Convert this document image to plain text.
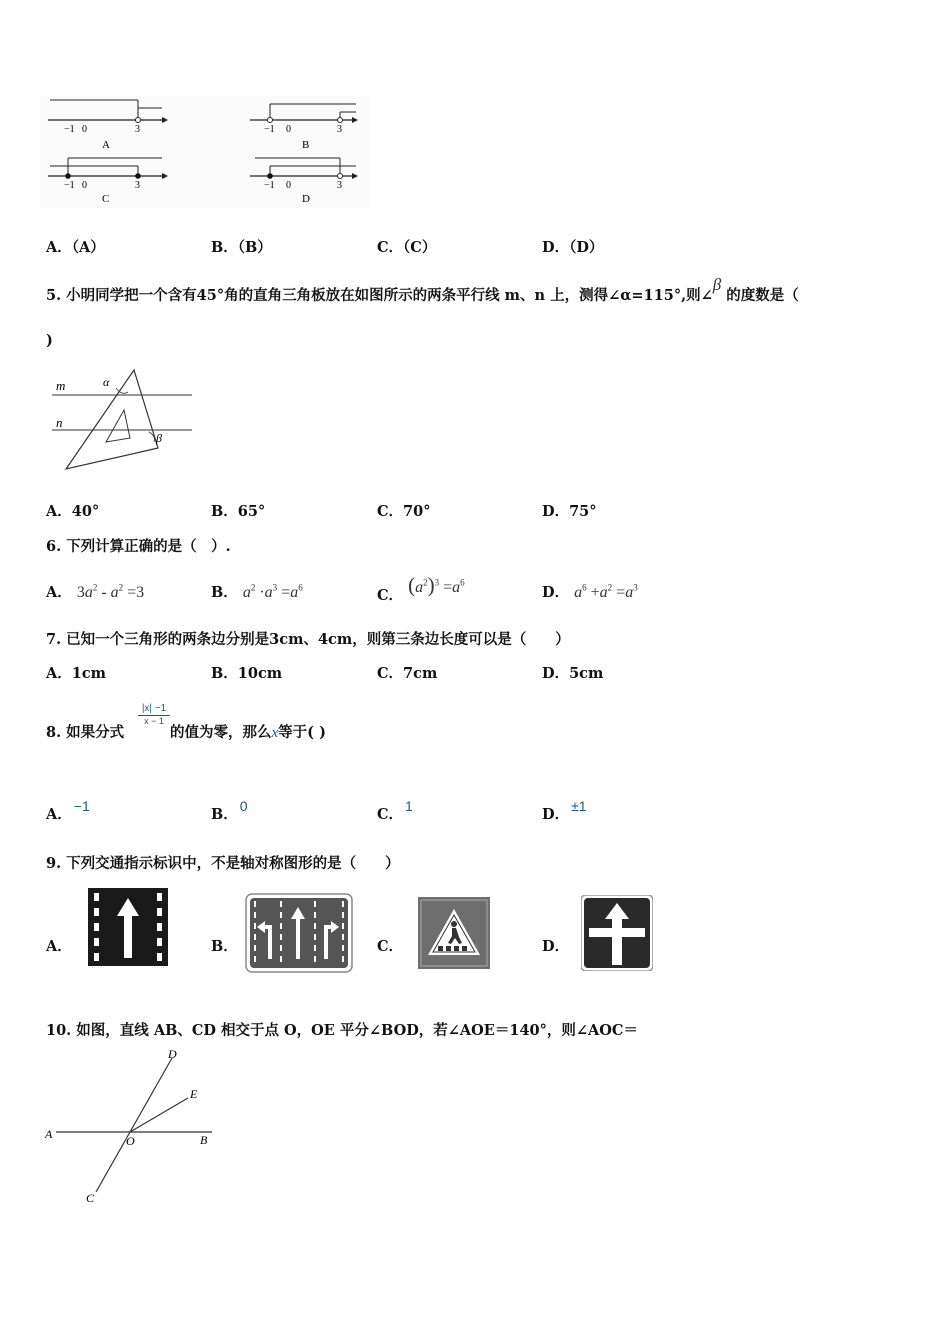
−1 0	3
A
−1 0	3
B
−1 0	3
C
−1 0	3
D
A．（A）	B．（B）	C．（C）	D．（D）
5. 小明同学把一个含有45°角的直角三角板放在如图所示的两条平行线 m、n 上，测得∠α=115°,则∠β 的度数是（
)
m
n
α
β
A．40°	B．65°	C．70°	D．75°
6. 下列计算正确的是（　）.
A． $3a^2 - a^2 =3$	B． $a^2 \cdot a^3 =a^6$	C． $(a^2)^3 =a^6$
D． $a^6 +a^2 =a^3$
7. 已知一个三角形的两条边分别是3cm、4cm，则第三条边长度可以是（　　）
A．1cm	B．10cm	C．7cm	D．5cm
8. 如果分式
$\frac{|x| -1}{x - 1}$
的值为零，那么x等于( )
A． −1	B． 0	C． 1	D． ±1
9. 下列交通指示标识中，不是轴对称图形的是（　　）
A．	B．	C．	D．
10. 如图，直线 AB、CD 相交于点 O，OE 平分∠BOD，若∠AOE＝140°，则∠AOC＝
A	B
C
D
E
O
